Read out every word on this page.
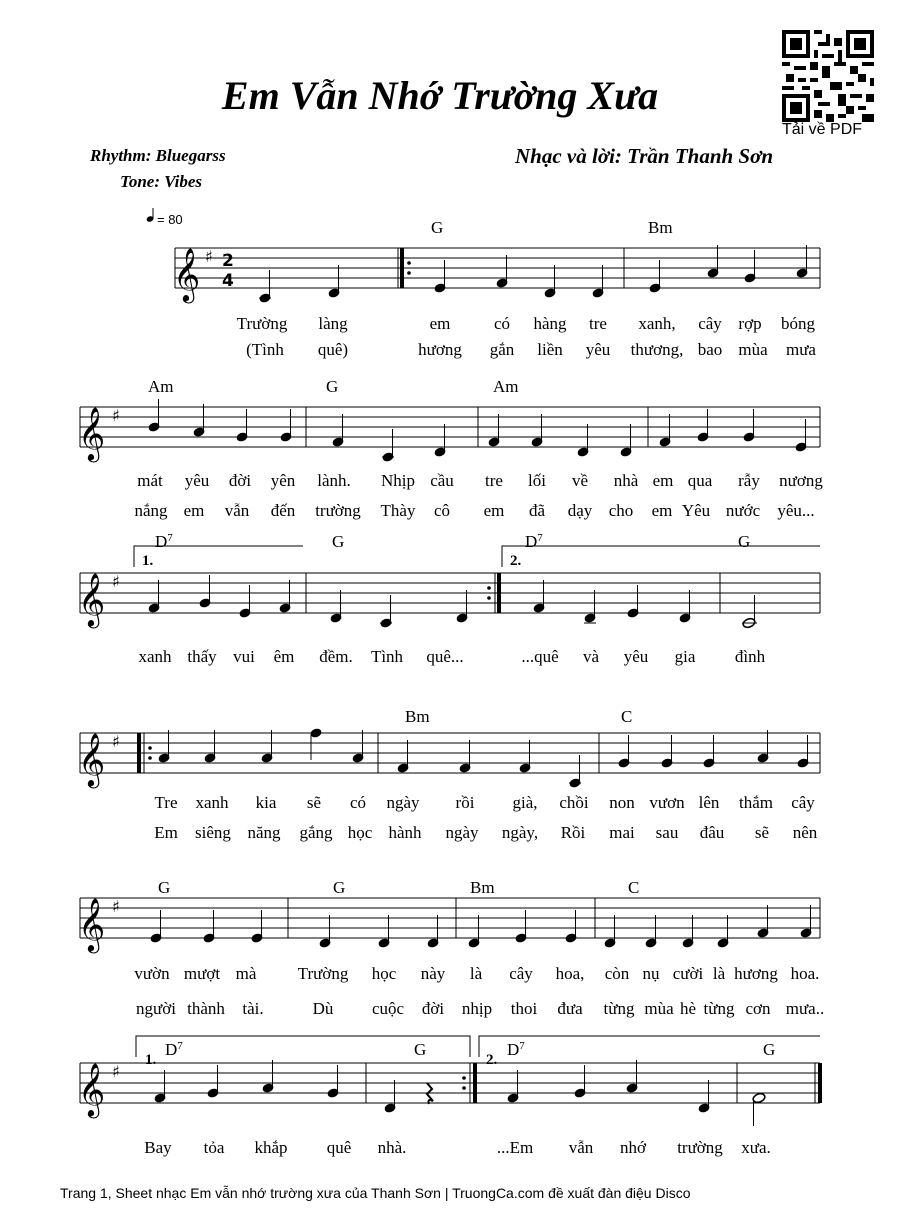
Em Vẫn Nhớ Trường Xưa
Rhythm: Bluegarss
Tone: Vibes
Nhạc và lời: Trần Thanh Sơn
Tải về PDF
= 80
𝄞 ♯ 2
4
G	Bm
Trường làng	em	có hàng tre xanh, cây rợp bóng
(Tình quê)	hương gắn liền yêu thương, bao mùa mưa
𝄞 ♯
Am	G	Am
mát yêu đời yên lành. Nhịp cầu tre lối về nhà em qua rẫy nương
nắng em vẫn đến trường Thày cô em đã dạy cho em Yêu nước yêu...
1.	2.
𝄞 ♯
$D^7$	G	$D^7$	G
xanh thấy vui êm đềm. Tình quê...	...quê và yêu gia đình
𝄞 ♯
Bm	C
Tre xanh kia sẽ có ngày rồi già, chồi non vươn lên thắm cây
Em siêng năng gắng học hành ngày ngày, Rồi mai sau đâu sẽ nên
𝄞 ♯
G	G	Bm	C
vườn mượt mà Trường học này là cây hoa, còn nụ cười là hương hoa.
người thành tài.	Dù cuộc đời nhịp thoi đưa từng mùa hè từng cơn mưa..
1.	2.
𝄞 ♯
$D^7$	G	$D^7$	G
Bay tỏa khắp quê nhà.	...Em vẫn nhớ trường xưa.
Trang 1, Sheet nhạc Em vẫn nhớ trường xưa của Thanh Sơn | TruongCa.com đề xuất đàn điệu Disco
